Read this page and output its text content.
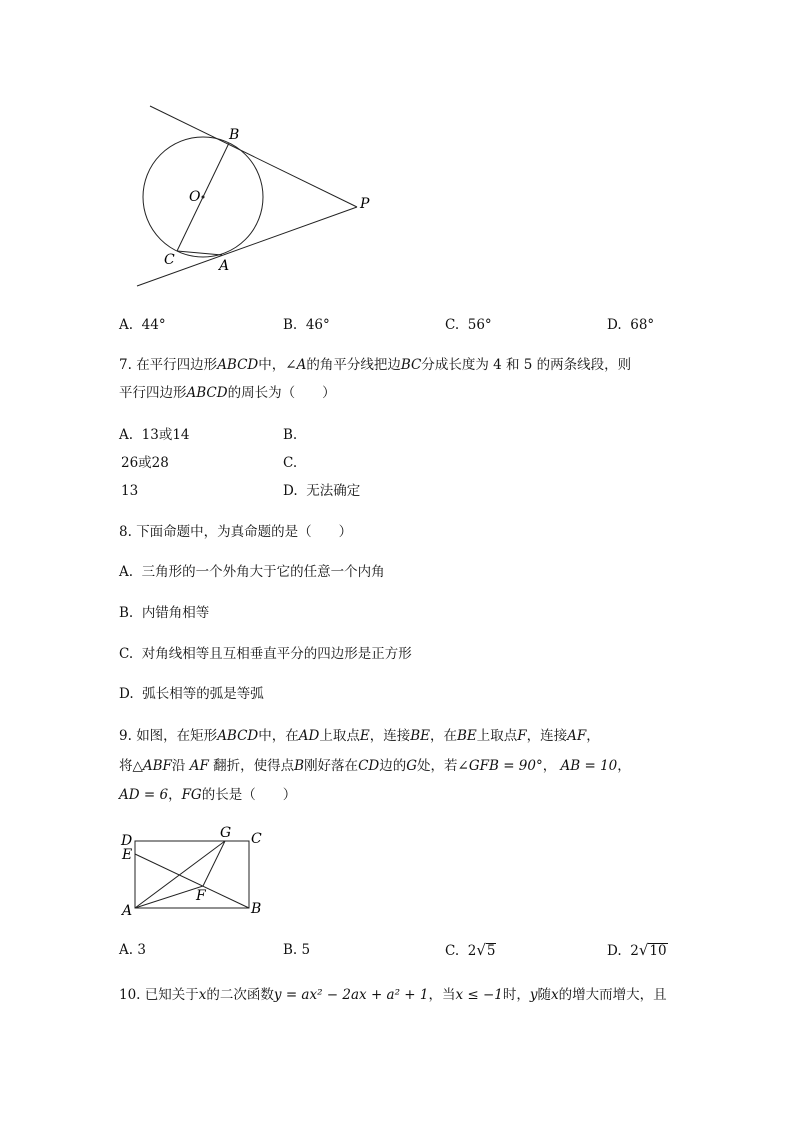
B
O
C	A
P
A. 44°	B. 46°	C. 56°	D. 68°
7. 在平行四边形ABCD中，∠A的角平分线把边BC分成长度为 4 和 5 的两条线段，则
平行四边形ABCD的周长为（　　）
A. 13或14	B.
26或28	C.
13	D. 无法确定
8. 下面命题中，为真命题的是（　　）
A. 三角形的一个外角大于它的任意一个内角
B. 内错角相等
C. 对角线相等且互相垂直平分的四边形是正方形
D. 弧长相等的弧是等弧
9. 如图，在矩形ABCD中，在AD上取点E，连接BE，在BE上取点F，连接AF，
将△ABF沿 AF 翻折，使得点B刚好落在CD边的G处，若∠GFB = 90°， AB = 10，
AD = 6，FG的长是（　　）
D	G C
E
F
A	B
A. 3	B. 5	C. 2√5	D. 2√10
10. 已知关于x的二次函数y = ax² − 2ax + a² + 1，当x ≤ −1时，y随x的增大而增大，且
